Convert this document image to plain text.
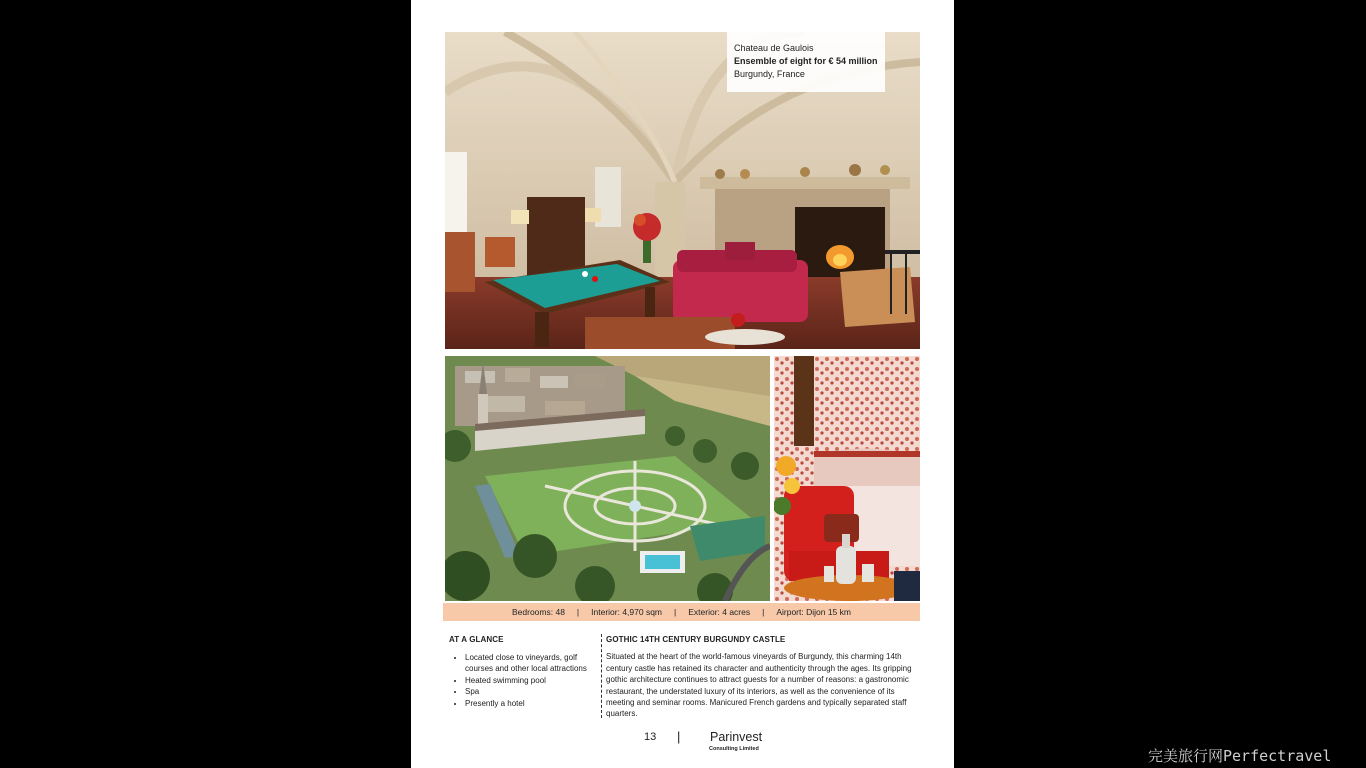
Chateau de Gaulois
Ensemble of eight for € 54 million
Burgundy, France
Bedrooms: 48 | Interior: 4,970 sqm | Exterior: 4 acres | Airport: Dijon 15 km
AT A GLANCE
• Located close to vineyards, golf courses and other local attractions
• Heated swimming pool
• Spa
• Presently a hotel
GOTHIC 14TH CENTURY BURGUNDY CASTLE
Situated at the heart of the world-famous vineyards of Burgundy, this charming 14th century castle has retained its character and authenticity through the ages. Its gripping gothic architecture continues to attract guests for a number of reasons: a gastronomic restaurant, the understated luxury of its interiors, as well as the convenience of its meeting and seminar rooms. Manicured French gardens and typically separated staff quarters.
13 | Parinvest
Consulting Limited	完美旅行网Perfectravel
